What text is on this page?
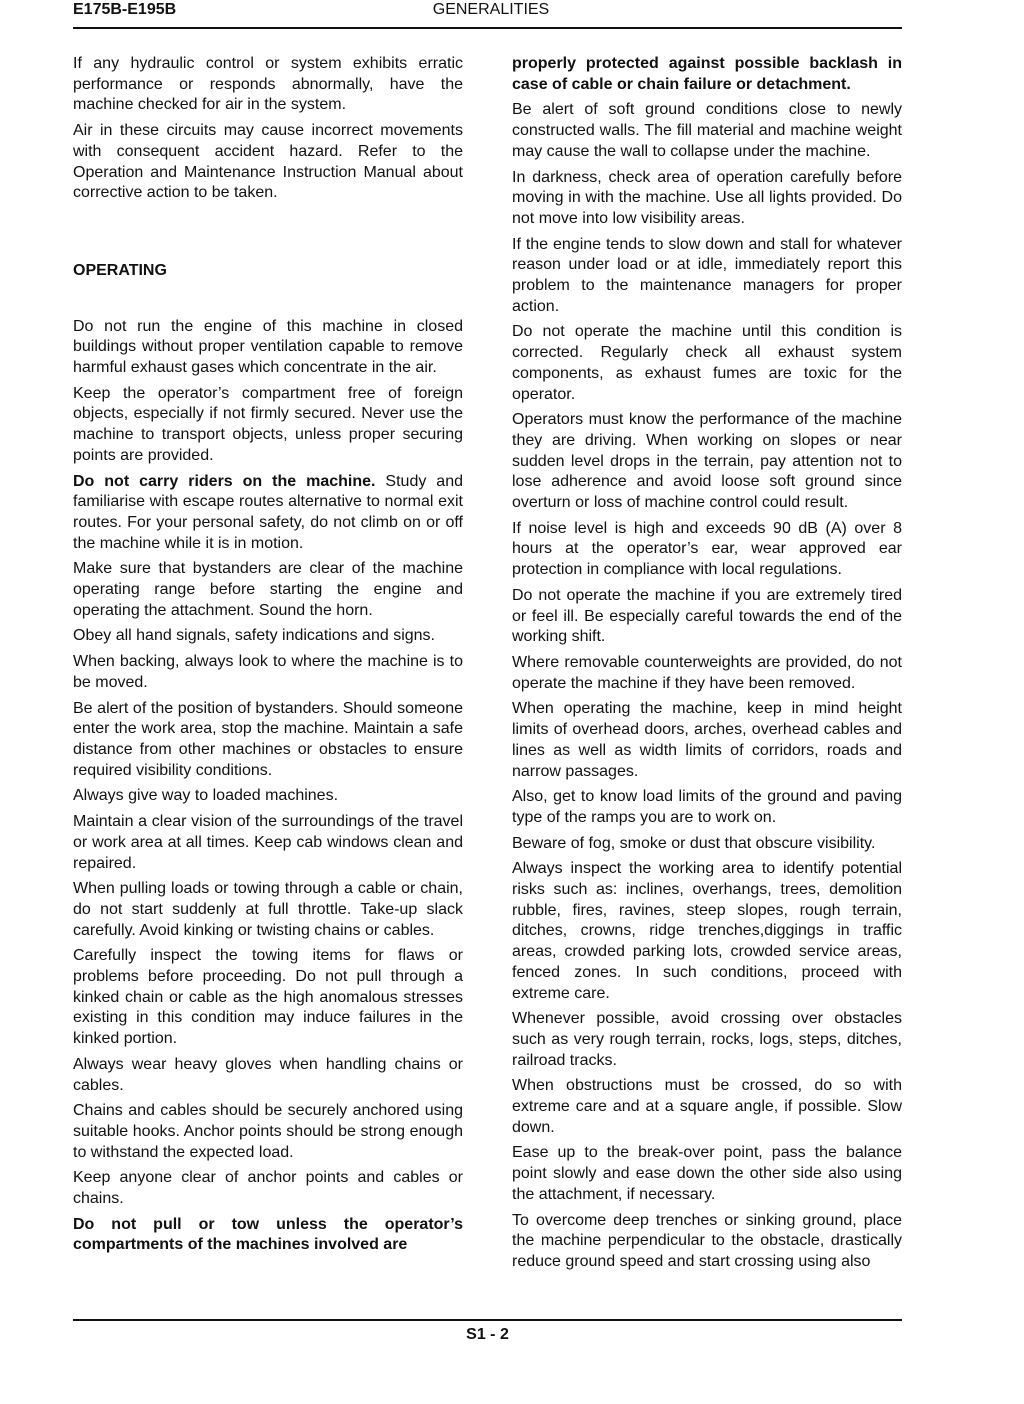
E175B-E195B	GENERALITIES

If any hydraulic control or system exhibits erratic performance or responds abnormally, have the machine checked for air in the system.

Air in these circuits may cause incorrect movements with consequent accident hazard. Refer to the Operation and Maintenance Instruction Manual about corrective action to be taken.

OPERATING

Do not run the engine of this machine in closed buildings without proper ventilation capable to remove harmful exhaust gases which concentrate in the air.

Keep the operator’s compartment free of foreign objects, especially if not firmly secured. Never use the machine to transport objects, unless proper securing points are provided.

Do not carry riders on the machine. Study and familiarise with escape routes alternative to normal exit routes. For your personal safety, do not climb on or off the machine while it is in motion.

Make sure that bystanders are clear of the machine operating range before starting the engine and operating the attachment. Sound the horn.

Obey all hand signals, safety indications and signs.

When backing, always look to where the machine is to be moved.

Be alert of the position of bystanders. Should someone enter the work area, stop the machine. Maintain a safe distance from other machines or obstacles to ensure required visibility conditions.

Always give way to loaded machines.

Maintain a clear vision of the surroundings of the travel or work area at all times. Keep cab windows clean and repaired.

When pulling loads or towing through a cable or chain, do not start suddenly at full throttle. Take-up slack carefully. Avoid kinking or twisting chains or cables.

Carefully inspect the towing items for flaws or problems before proceeding. Do not pull through a kinked chain or cable as the high anomalous stresses existing in this condition may induce failures in the kinked portion.

Always wear heavy gloves when handling chains or cables.

Chains and cables should be securely anchored using suitable hooks. Anchor points should be strong enough to withstand the expected load.

Keep anyone clear of anchor points and cables or chains.

Do not pull or tow unless the operator’s compartments of the machines involved are

properly protected against possible backlash in case of cable or chain failure or detachment.

Be alert of soft ground conditions close to newly constructed walls. The fill material and machine weight may cause the wall to collapse under the machine.

In darkness, check area of operation carefully before moving in with the machine. Use all lights provided. Do not move into low visibility areas.

If the engine tends to slow down and stall for whatever reason under load or at idle, immediately report this problem to the maintenance managers for proper action.

Do not operate the machine until this condition is corrected. Regularly check all exhaust system components, as exhaust fumes are toxic for the operator.

Operators must know the performance of the machine they are driving. When working on slopes or near sudden level drops in the terrain, pay attention not to lose adherence and avoid loose soft ground since overturn or loss of machine control could result.

If noise level is high and exceeds 90 dB (A) over 8 hours at the operator’s ear, wear approved ear protection in compliance with local regulations.

Do not operate the machine if you are extremely tired or feel ill. Be especially careful towards the end of the working shift.

Where removable counterweights are provided, do not operate the machine if they have been removed.

When operating the machine, keep in mind height limits of overhead doors, arches, overhead cables and lines as well as width limits of corridors, roads and narrow passages.

Also, get to know load limits of the ground and paving type of the ramps you are to work on.

Beware of fog, smoke or dust that obscure visibility.

Always inspect the working area to identify potential risks such as: inclines, overhangs, trees, demolition rubble, fires, ravines, steep slopes, rough terrain, ditches, crowns, ridge trenches,diggings in traffic areas, crowded parking lots, crowded service areas, fenced zones. In such conditions, proceed with extreme care.

Whenever possible, avoid crossing over obstacles such as very rough terrain, rocks, logs, steps, ditches, railroad tracks.

When obstructions must be crossed, do so with extreme care and at a square angle, if possible. Slow down.

Ease up to the break-over point, pass the balance point slowly and ease down the other side also using the attachment, if necessary.

To overcome deep trenches or sinking ground, place the machine perpendicular to the obstacle, drastically reduce ground speed and start crossing using also

S1 - 2
